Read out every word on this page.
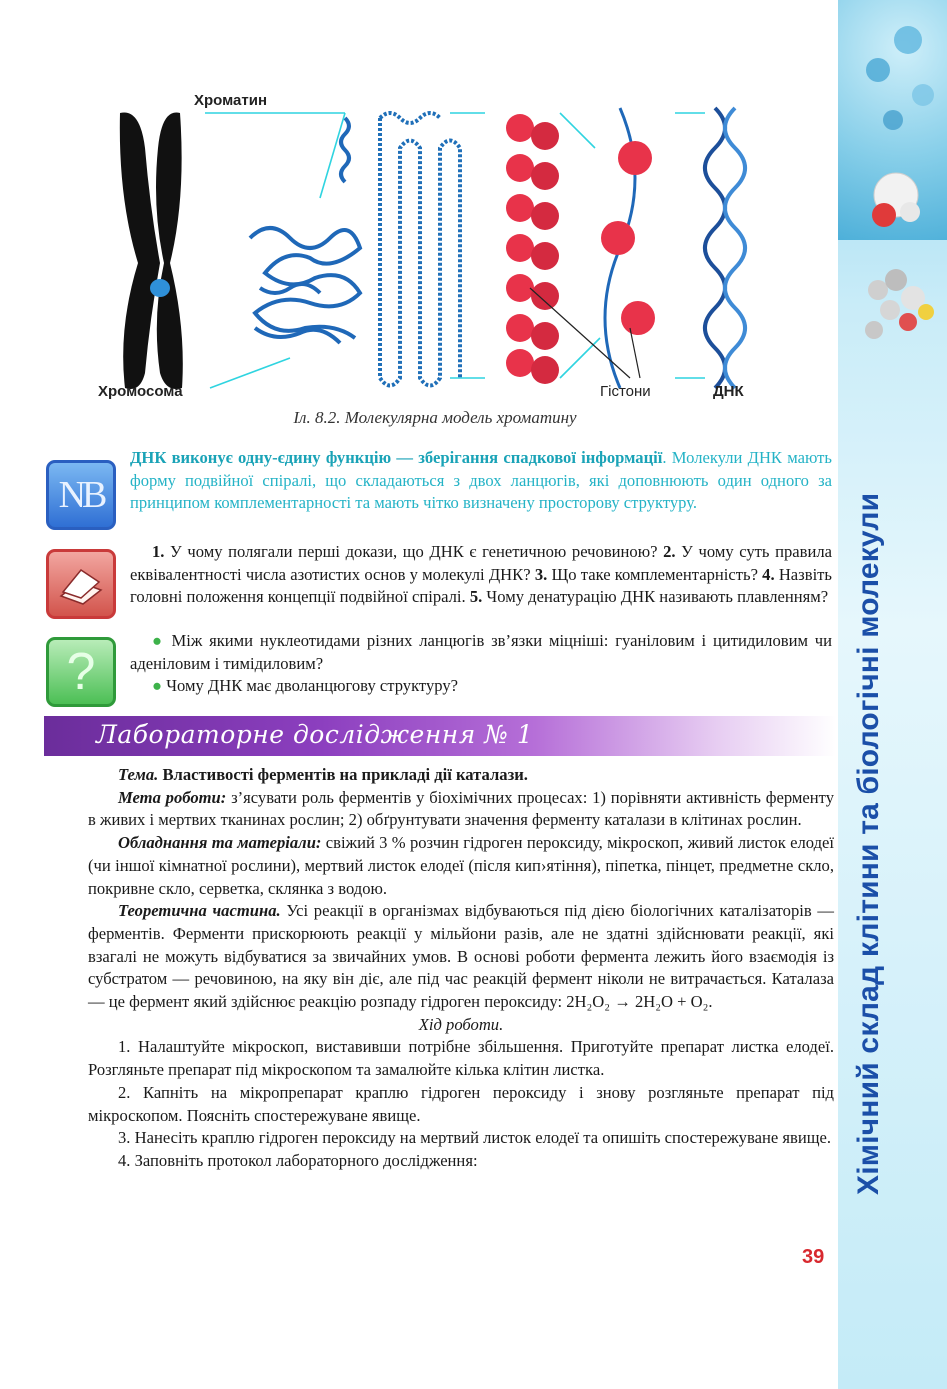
Хімічний склад клітини та біологічні молекули
Хроматин
Хромосома	Гістони	ДНК
Іл. 8.2. Молекулярна модель хроматину
NB
ДНК виконує одну-єдину функцію — зберігання спадкової інформації. Молекули ДНК мають форму подвійної спіралі, що складаються з двох ланцюгів, які доповнюють один одного за принципом комплементарності та мають чітко визначену просторову структуру.
1. У чому полягали перші докази, що ДНК є генетичною речовиною? 2. У чому суть правила еквівалентності числа азотистих основ у молекулі ДНК? 3. Що таке комплементарність? 4. Назвіть головні положення концепції подвійної спіралі. 5. Чому денатурацію ДНК називають плавленням?
?
● Між якими нуклеотидами різних ланцюгів зв’язки міцніші: гуаніловим і цитидиловим чи аденіловим і тимідиловим?
● Чому ДНК має дволанцюгову структуру?
Лабораторне дослідження № 1
Тема. Властивості ферментів на прикладі дії каталази.
Мета роботи: з’ясувати роль ферментів у біохімічних процесах: 1) порівняти активність ферменту в живих і мертвих тканинах рослин; 2) обґрунтувати значення ферменту каталази в клітинах рослин.
Обладнання та матеріали: свіжий 3 % розчин гідроген пероксиду, мікроскоп, живий листок елодеї (чи іншої кімнатної рослини), мертвий листок елодеї (після кип›ятіння), піпетка, пінцет, предметне скло, покривне скло, серветка, склянка з водою.
Теоретична частина. Усі реакції в організмах відбуваються під дією біологічних каталізаторів — ферментів. Ферменти прискорюють реакції у мільйони разів, але не здатні здійснювати реакції, які взагалі не можуть відбуватися за звичайних умов. В основі роботи фермента лежить його взаємодія із субстратом — речовиною, на яку він діє, але під час реакцій фермент ніколи не витрачається. Каталаза — це фермент який здійснює реакцію розпаду гідроген пероксиду: 2H₂O₂ → 2H₂O + O₂.
Хід роботи.
1. Налаштуйте мікроскоп, виставивши потрібне збільшення. Приготуйте препарат листка елодеї. Розгляньте препарат під мікроскопом та замалюйте кілька клітин листка.
2. Капніть на мікропрепарат краплю гідроген пероксиду і знову розгляньте препарат під мікроскопом. Поясніть спостережуване явище.
3. Нанесіть краплю гідроген пероксиду на мертвий листок елодеї та опишіть спостережуване явище.
4. Заповніть протокол лабораторного дослідження:
39
